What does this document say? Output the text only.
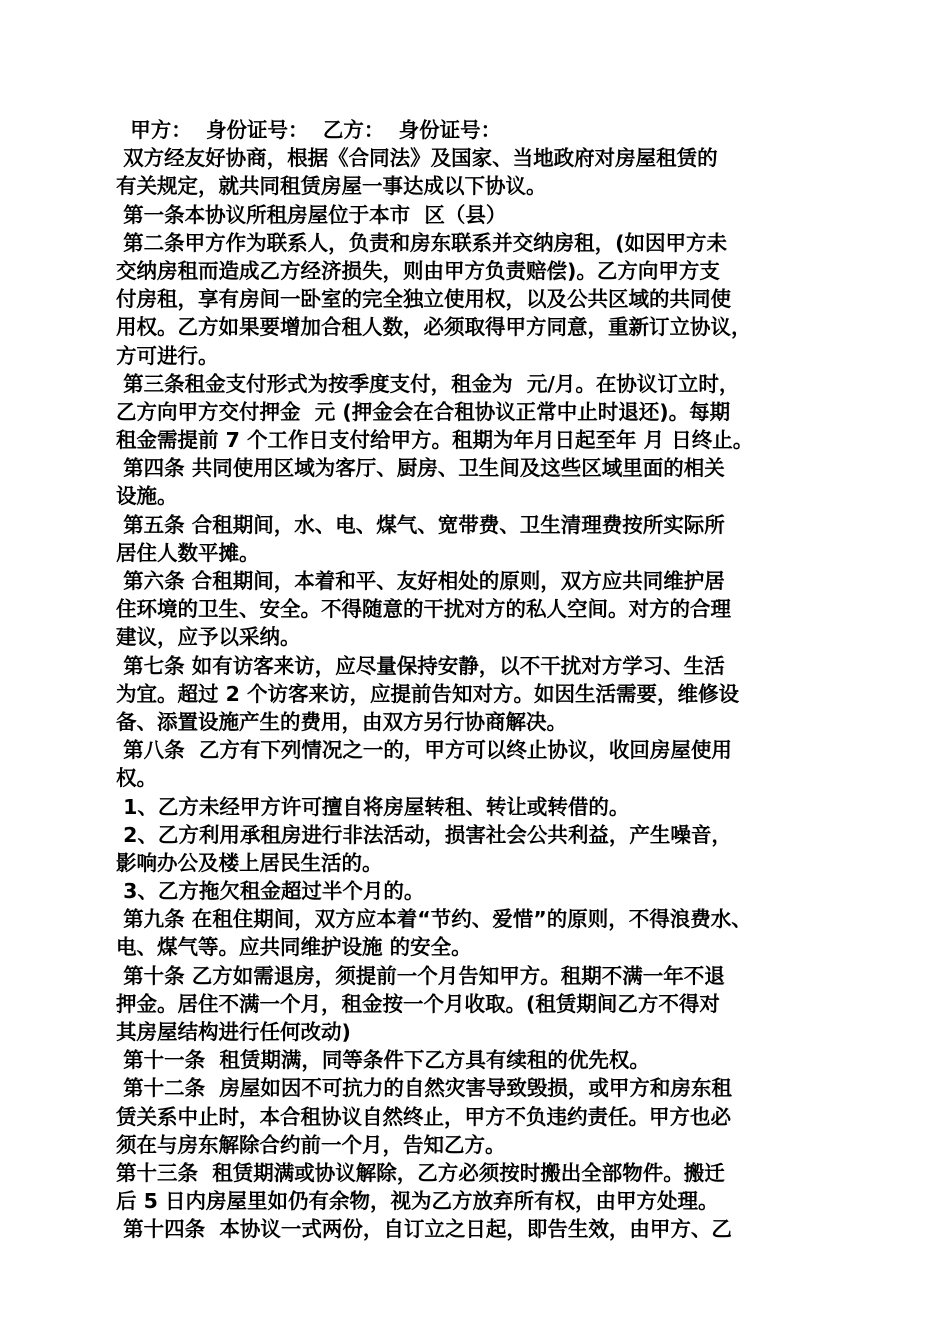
甲方：  身份证号：  乙方：  身份证号：
双方经友好协商，根据《合同法》及国家、当地政府对房屋租赁的
有关规定，就共同租赁房屋一事达成以下协议。
第一条本协议所租房屋位于本市  区（县）
第二条甲方作为联系人，负责和房东联系并交纳房租，(如因甲方未
交纳房租而造成乙方经济损失，则由甲方负责赔偿)。乙方向甲方支
付房租，享有房间一卧室的完全独立使用权，以及公共区域的共同使
用权。乙方如果要增加合租人数，必须取得甲方同意，重新订立协议，
方可进行。
第三条租金支付形式为按季度支付，租金为  元/月。在协议订立时，
乙方向甲方交付押金  元 (押金会在合租协议正常中止时退还)。每期
租金需提前 7 个工作日支付给甲方。租期为年月日起至年 月 日终止。
第四条 共同使用区域为客厅、厨房、卫生间及这些区域里面的相关
设施。
第五条 合租期间，水、电、煤气、宽带费、卫生清理费按所实际所
居住人数平摊。
第六条 合租期间，本着和平、友好相处的原则，双方应共同维护居
住环境的卫生、安全。不得随意的干扰对方的私人空间。对方的合理
建议，应予以采纳。
第七条 如有访客来访，应尽量保持安静，以不干扰对方学习、生活
为宜。超过 2 个访客来访，应提前告知对方。如因生活需要，维修设
备、添置设施产生的费用，由双方另行协商解决。
第八条  乙方有下列情况之一的，甲方可以终止协议，收回房屋使用
权。
1、乙方未经甲方许可擅自将房屋转租、转让或转借的。
2、乙方利用承租房进行非法活动，损害社会公共利益，产生噪音，
影响办公及楼上居民生活的。
3、乙方拖欠租金超过半个月的。
第九条 在租住期间，双方应本着“节约、爱惜”的原则，不得浪费水、
电、煤气等。应共同维护设施 的安全。
第十条 乙方如需退房，须提前一个月告知甲方。租期不满一年不退
押金。居住不满一个月，租金按一个月收取。(租赁期间乙方不得对
其房屋结构进行任何改动)
第十一条  租赁期满，同等条件下乙方具有续租的优先权。
第十二条  房屋如因不可抗力的自然灾害导致毁损，或甲方和房东租
赁关系中止时，本合租协议自然终止，甲方不负违约责任。甲方也必
须在与房东解除合约前一个月，告知乙方。
第十三条  租赁期满或协议解除，乙方必须按时搬出全部物件。搬迁
后 5 日内房屋里如仍有余物，视为乙方放弃所有权，由甲方处理。
第十四条  本协议一式两份，自订立之日起，即告生效，由甲方、乙
